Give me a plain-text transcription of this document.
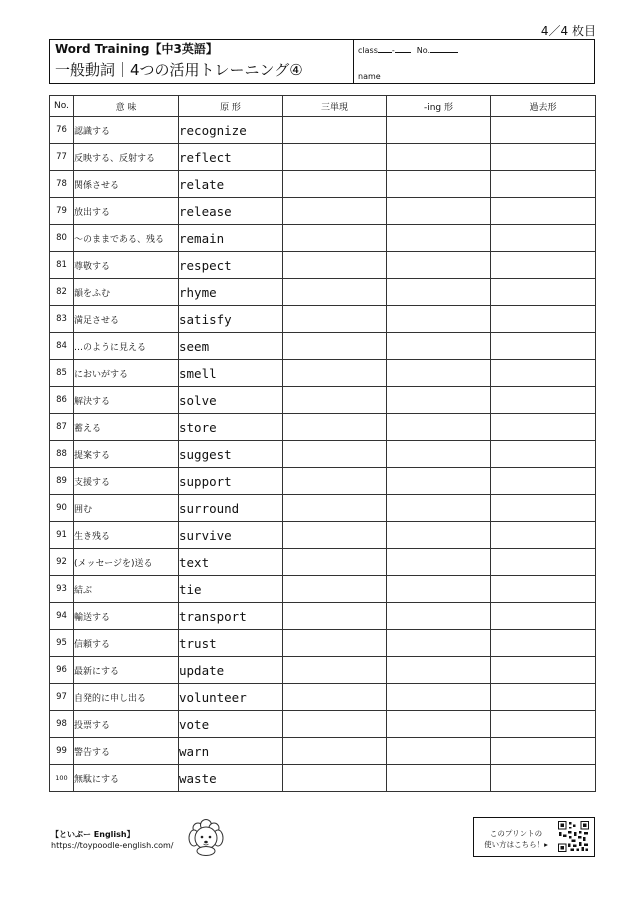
4／4 枚目
Word Training【中3英語】
一般動詞｜4つの活用トレーニング④
class -	No.
name
No.	意 味	原 形	三単現	-ing 形	過去形
76	認識する	recognize			
77	反映する、反射する	reflect			
78	関係させる	relate			
79	放出する	release			
80	～のままである、残る	remain			
81	尊敬する	respect			
82	韻をふむ	rhyme			
83	満足させる	satisfy			
84	…のように見える	seem			
85	においがする	smell			
86	解決する	solve			
87	蓄える	store			
88	提案する	suggest			
89	支援する	support			
90	囲む	surround			
91	生き残る	survive			
92	(メッセージを)送る	text			
93	結ぶ	tie			
94	輸送する	transport			
95	信頼する	trust			
96	最新にする	update			
97	自発的に申し出る	volunteer			
98	投票する	vote			
99	警告する	warn			
100	無駄にする	waste			
【といぷー English】
https://toypoodle-english.com/
このプリントの
使い方はこちら！▸
